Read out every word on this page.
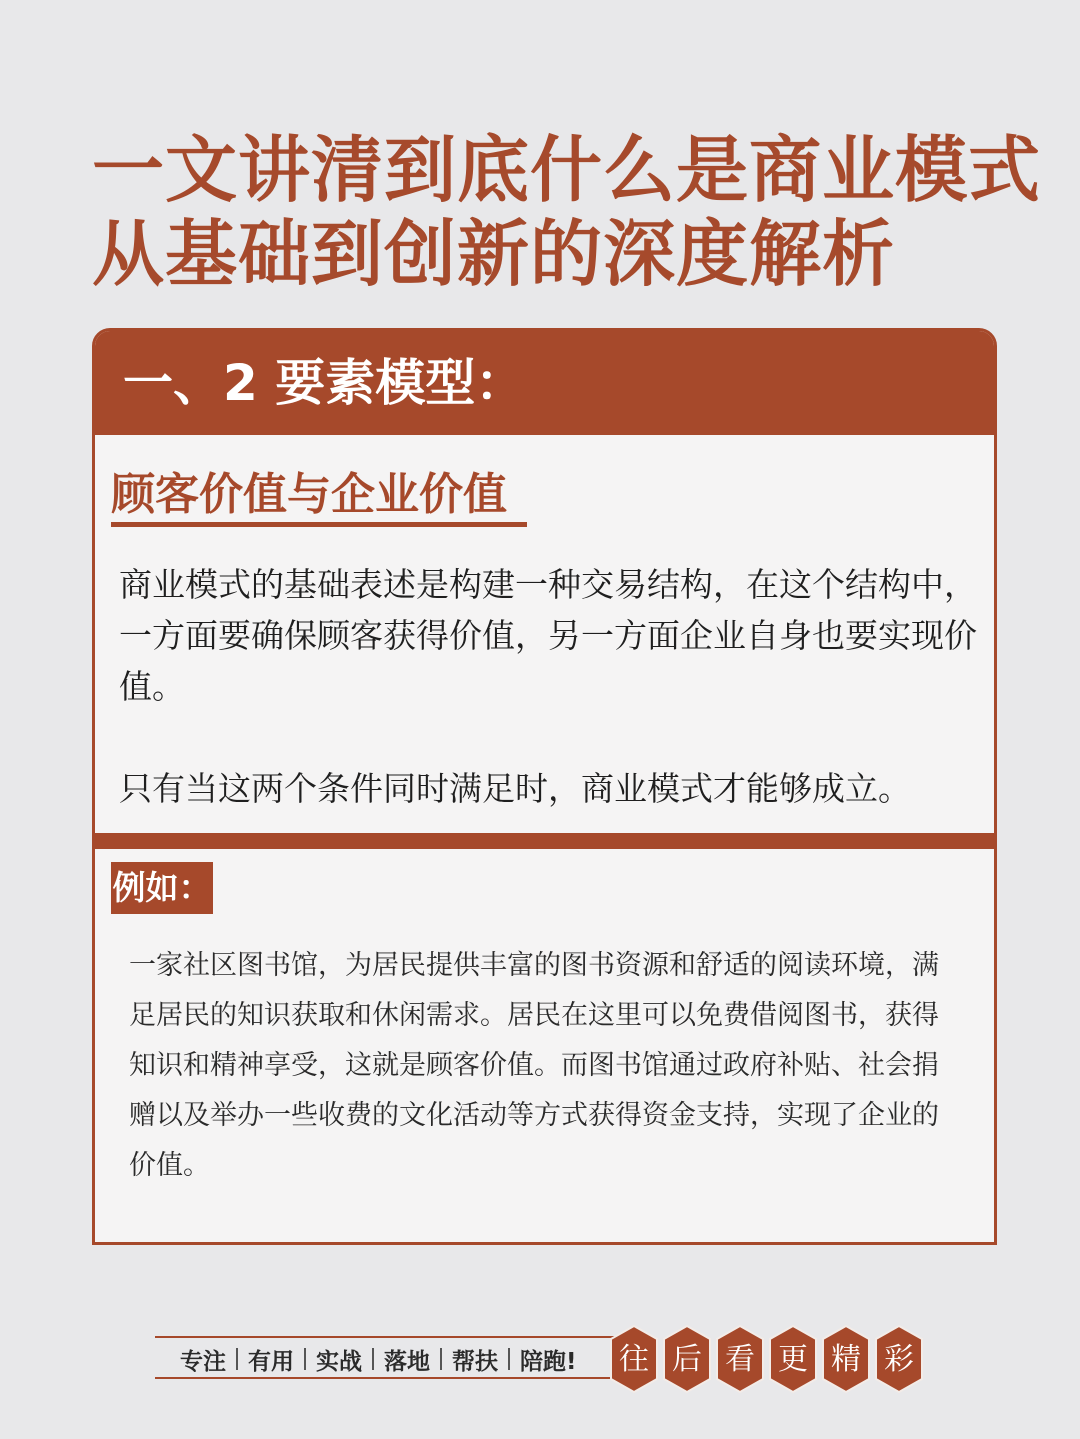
一文讲清到底什么是商业模式
从基础到创新的深度解析
一、2 要素模型：
顾客价值与企业价值

商业模式的基础表述是构建一种交易结构，在这个结构中，一方面要确保顾客获得价值，另一方面企业自身也要实现价值。

只有当这两个条件同时满足时，商业模式才能够成立。

例如：

一家社区图书馆，为居民提供丰富的图书资源和舒适的阅读环境，满足居民的知识获取和休闲需求。居民在这里可以免费借阅图书，获得知识和精神享受，这就是顾客价值。而图书馆通过政府补贴、社会捐赠以及举办一些收费的文化活动等方式获得资金支持，实现了企业的价值。

专注 有用 实战 落地 帮扶 陪跑! 往 后 看 更 精 彩
